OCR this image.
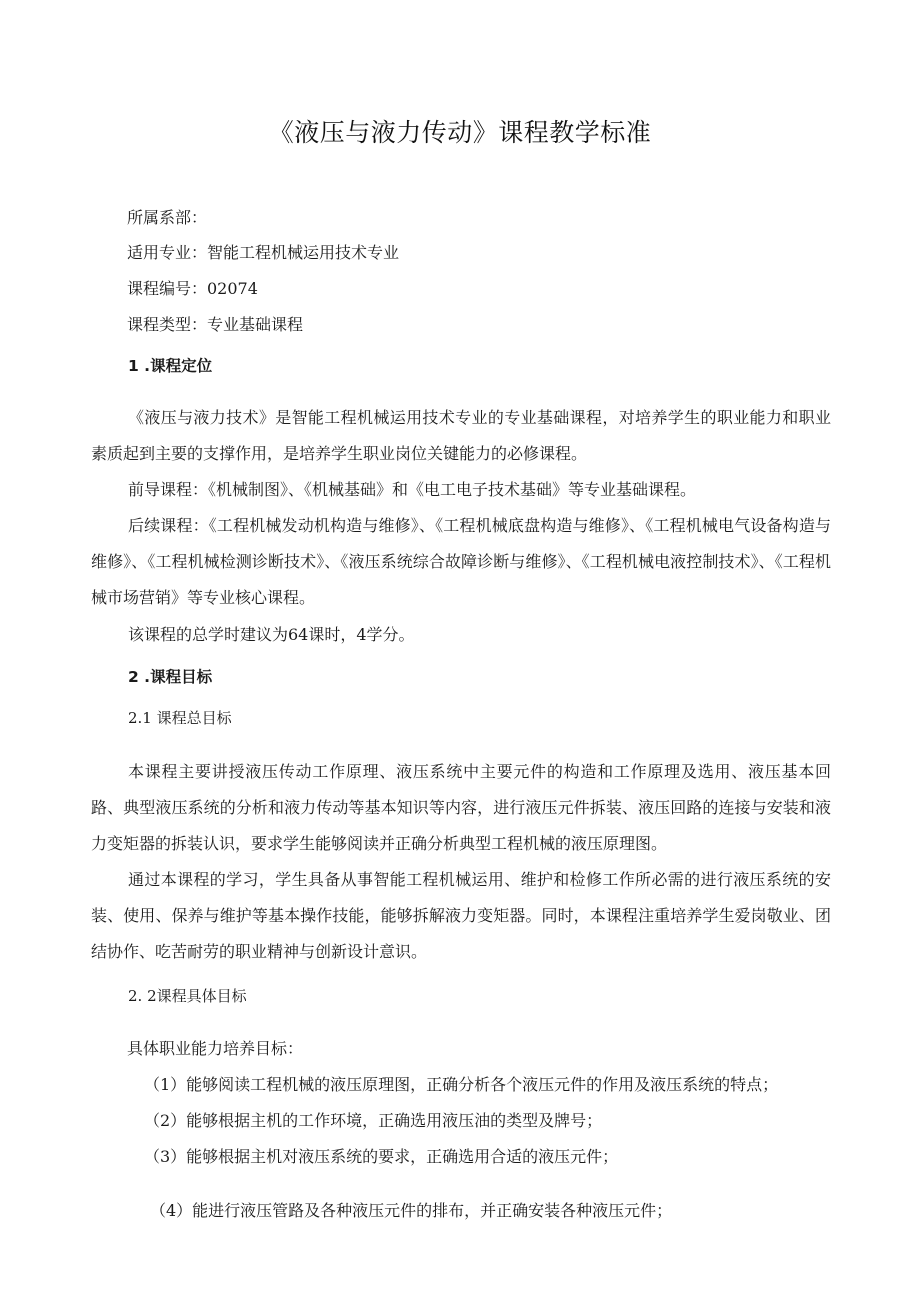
《液压与液力传动》课程教学标准
所属系部：
适用专业：智能工程机械运用技术专业
课程编号：02074
课程类型：专业基础课程
1 .课程定位
《液压与液力技术》是智能工程机械运用技术专业的专业基础课程，对培养学生的职业能力和职业素质起到主要的支撑作用，是培养学生职业岗位关键能力的必修课程。
前导课程：《机械制图》、《机械基础》和《电工电子技术基础》等专业基础课程。
后续课程：《工程机械发动机构造与维修》、《工程机械底盘构造与维修》、《工程机械电气设备构造与维修》、《工程机械检测诊断技术》、《液压系统综合故障诊断与维修》、《工程机械电液控制技术》、《工程机械市场营销》等专业核心课程。
该课程的总学时建议为64课时，4学分。
2 .课程目标
2.1 课程总目标
本课程主要讲授液压传动工作原理、液压系统中主要元件的构造和工作原理及选用、液压基本回路、典型液压系统的分析和液力传动等基本知识等内容，进行液压元件拆装、液压回路的连接与安装和液力变矩器的拆装认识，要求学生能够阅读并正确分析典型工程机械的液压原理图。
通过本课程的学习，学生具备从事智能工程机械运用、维护和检修工作所必需的进行液压系统的安装、使用、保养与维护等基本操作技能，能够拆解液力变矩器。同时，本课程注重培养学生爱岗敬业、团结协作、吃苦耐劳的职业精神与创新设计意识。
2. 2课程具体目标
具体职业能力培养目标：
（1）能够阅读工程机械的液压原理图，正确分析各个液压元件的作用及液压系统的特点；
（2）能够根据主机的工作环境，正确选用液压油的类型及牌号；
（3）能够根据主机对液压系统的要求，正确选用合适的液压元件；
（4）能进行液压管路及各种液压元件的排布，并正确安装各种液压元件；
